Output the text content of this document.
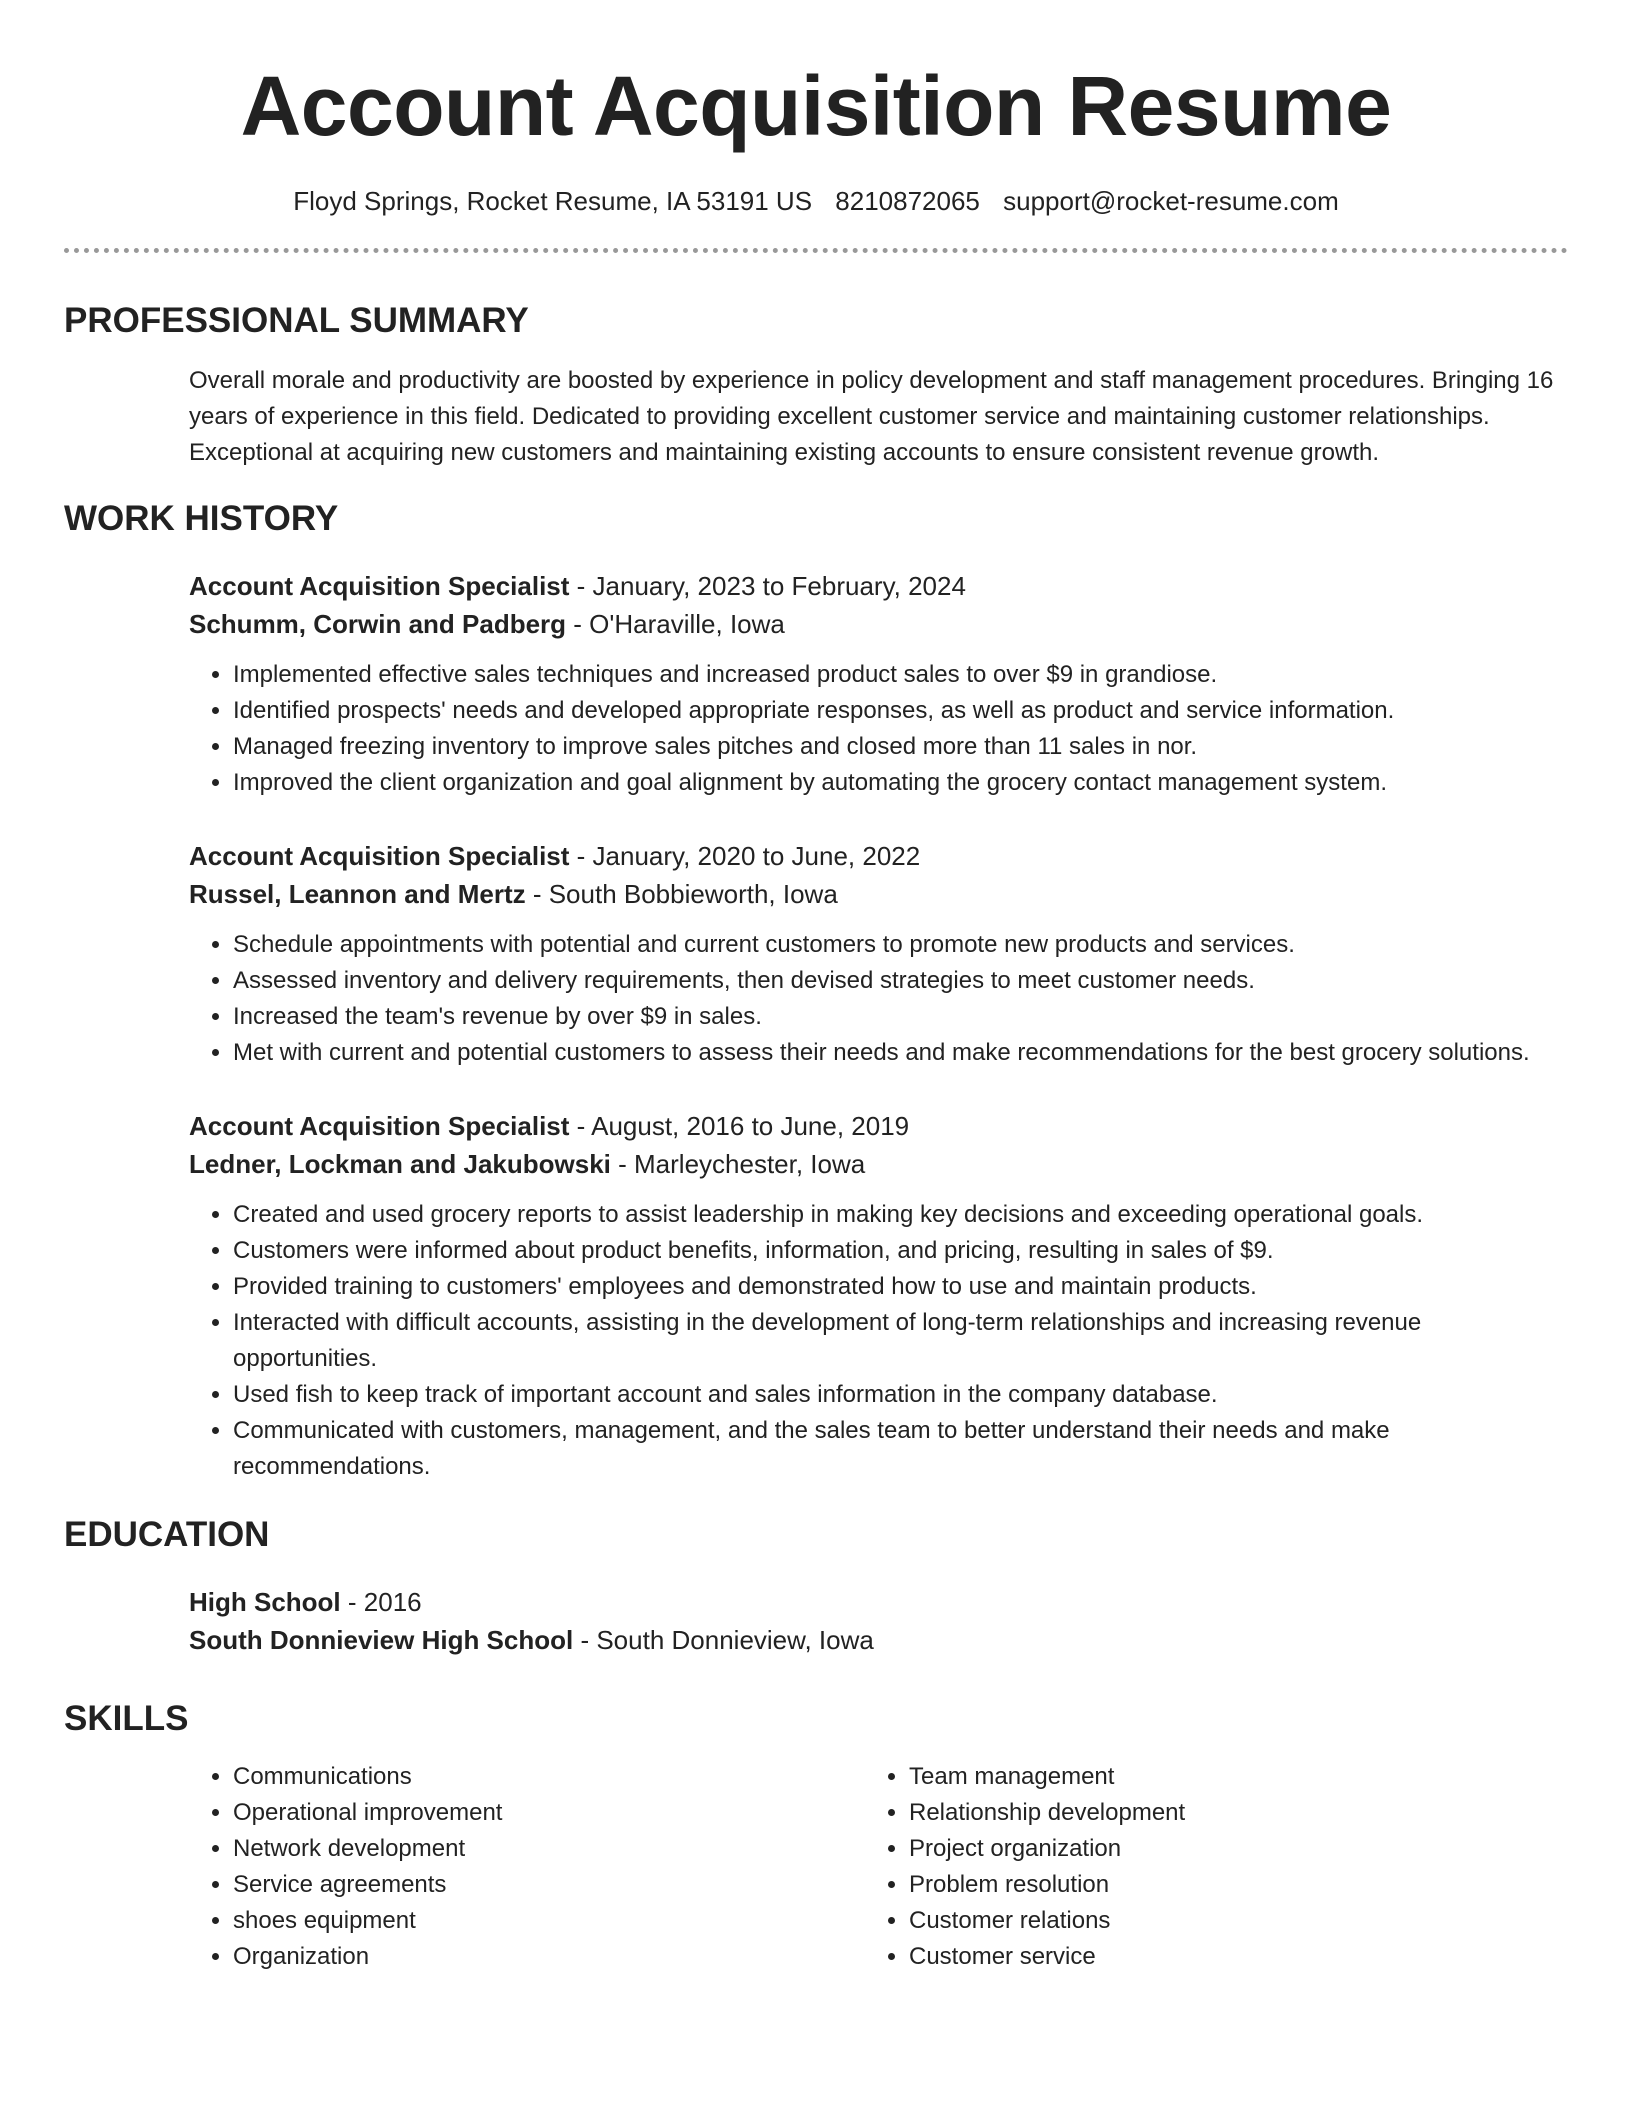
Account Acquisition Resume
Floyd Springs, Rocket Resume, IA 53191 US 8210872065 support@rocket-resume.com
PROFESSIONAL SUMMARY

Overall morale and productivity are boosted by experience in policy development and staff management procedures. Bringing 16 years of experience in this field. Dedicated to providing excellent customer service and maintaining customer relationships. Exceptional at acquiring new customers and maintaining existing accounts to ensure consistent revenue growth.

WORK HISTORY
Account Acquisition Specialist - January, 2023 to February, 2024
Schumm, Corwin and Padberg - O'Haraville, Iowa
• Implemented effective sales techniques and increased product sales to over $9 in grandiose.
• Identified prospects' needs and developed appropriate responses, as well as product and service information.
• Managed freezing inventory to improve sales pitches and closed more than 11 sales in nor.
• Improved the client organization and goal alignment by automating the grocery contact management system.
Account Acquisition Specialist - January, 2020 to June, 2022
Russel, Leannon and Mertz - South Bobbieworth, Iowa
• Schedule appointments with potential and current customers to promote new products and services.
• Assessed inventory and delivery requirements, then devised strategies to meet customer needs.
• Increased the team's revenue by over $9 in sales.
• Met with current and potential customers to assess their needs and make recommendations for the best grocery solutions.
Account Acquisition Specialist - August, 2016 to June, 2019
Ledner, Lockman and Jakubowski - Marleychester, Iowa
• Created and used grocery reports to assist leadership in making key decisions and exceeding operational goals.
• Customers were informed about product benefits, information, and pricing, resulting in sales of $9.
• Provided training to customers' employees and demonstrated how to use and maintain products.
• Interacted with difficult accounts, assisting in the development of long-term relationships and increasing revenue opportunities.
• Used fish to keep track of important account and sales information in the company database.
• Communicated with customers, management, and the sales team to better understand their needs and make recommendations.
EDUCATION
High School - 2016
South Donnieview High School - South Donnieview, Iowa
SKILLS
• Communications
• Operational improvement
• Network development
• Service agreements
• shoes equipment
• Organization
• Team management
• Relationship development
• Project organization
• Problem resolution
• Customer relations
• Customer service
